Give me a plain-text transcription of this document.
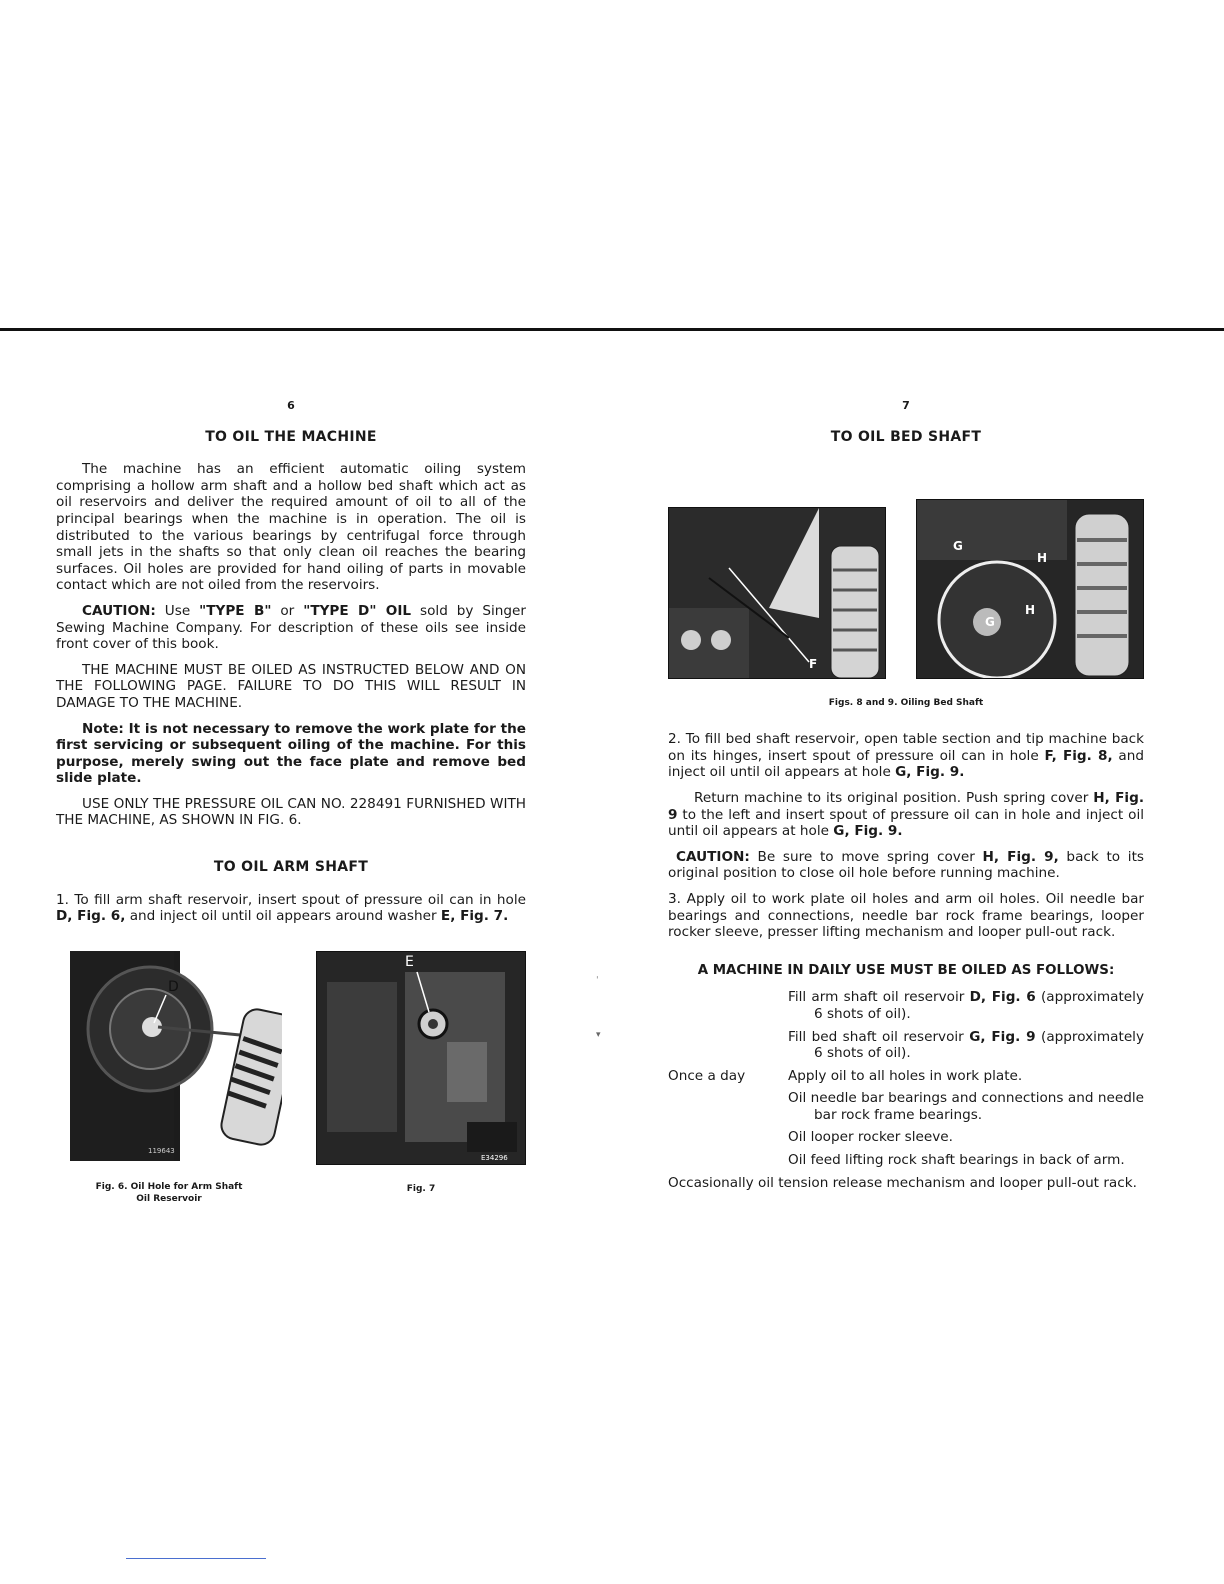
6
TO OIL THE MACHINE

The machine has an efficient automatic oiling system comprising a hollow arm shaft and a hollow bed shaft which act as oil reservoirs and deliver the required amount of oil to all of the principal bearings when the machine is in operation. The oil is distributed to the various bearings by centrifugal force through small jets in the shafts so that only clean oil reaches the bearing surfaces. Oil holes are provided for hand oiling of parts in movable contact which are not oiled from the reservoirs.

CAUTION: Use "TYPE B" or "TYPE D" OIL sold by Singer Sewing Machine Company. For description of these oils see inside front cover of this book.

THE MACHINE MUST BE OILED AS INSTRUCTED BELOW AND ON THE FOLLOWING PAGE. FAILURE TO DO THIS WILL RESULT IN DAMAGE TO THE MACHINE.

Note: It is not necessary to remove the work plate for the first servicing or subsequent oiling of the machine. For this purpose, merely swing out the face plate and remove bed slide plate.

USE ONLY THE PRESSURE OIL CAN NO. 228491 FURNISHED WITH THE MACHINE, AS SHOWN IN FIG. 6.

TO OIL ARM SHAFT

1. To fill arm shaft reservoir, insert spout of pressure oil can in hole D, Fig. 6, and inject oil until oil appears around washer E, Fig. 7.

D
119643
Fig. 6. Oil Hole for Arm Shaft
Oil Reservoir
E
E34296
Fig. 7
7
TO OIL BED SHAFT
F
G
H
G
H
Figs. 8 and 9. Oiling Bed Shaft

2. To fill bed shaft reservoir, open table section and tip machine back on its hinges, insert spout of pressure oil can in hole F, Fig. 8, and inject oil until oil appears at hole G, Fig. 9.

Return machine to its original position. Push spring cover H, Fig. 9 to the left and insert spout of pressure oil can in hole and inject oil until oil appears at hole G, Fig. 9.

CAUTION: Be sure to move spring cover H, Fig. 9, back to its original position to close oil hole before running machine.

3. Apply oil to work plate oil holes and arm oil holes. Oil needle bar bearings and connections, needle bar rock frame bearings, looper rocker sleeve, presser lifting mechanism and looper pull-out rack.

A MACHINE IN DAILY USE MUST BE OILED AS FOLLOWS:
Fill arm shaft oil reservoir D, Fig. 6 (approximately 6 shots of oil).
Fill bed shaft oil reservoir G, Fig. 9 (approximately 6 shots of oil).
Once a day	Apply oil to all holes in work plate.
Oil needle bar bearings and connections and needle bar rock frame bearings.
Oil looper rocker sleeve.
Oil feed lifting rock shaft bearings in back of arm.
Occasionally oil tension release mechanism and looper pull-out rack.
ˈ
▾
